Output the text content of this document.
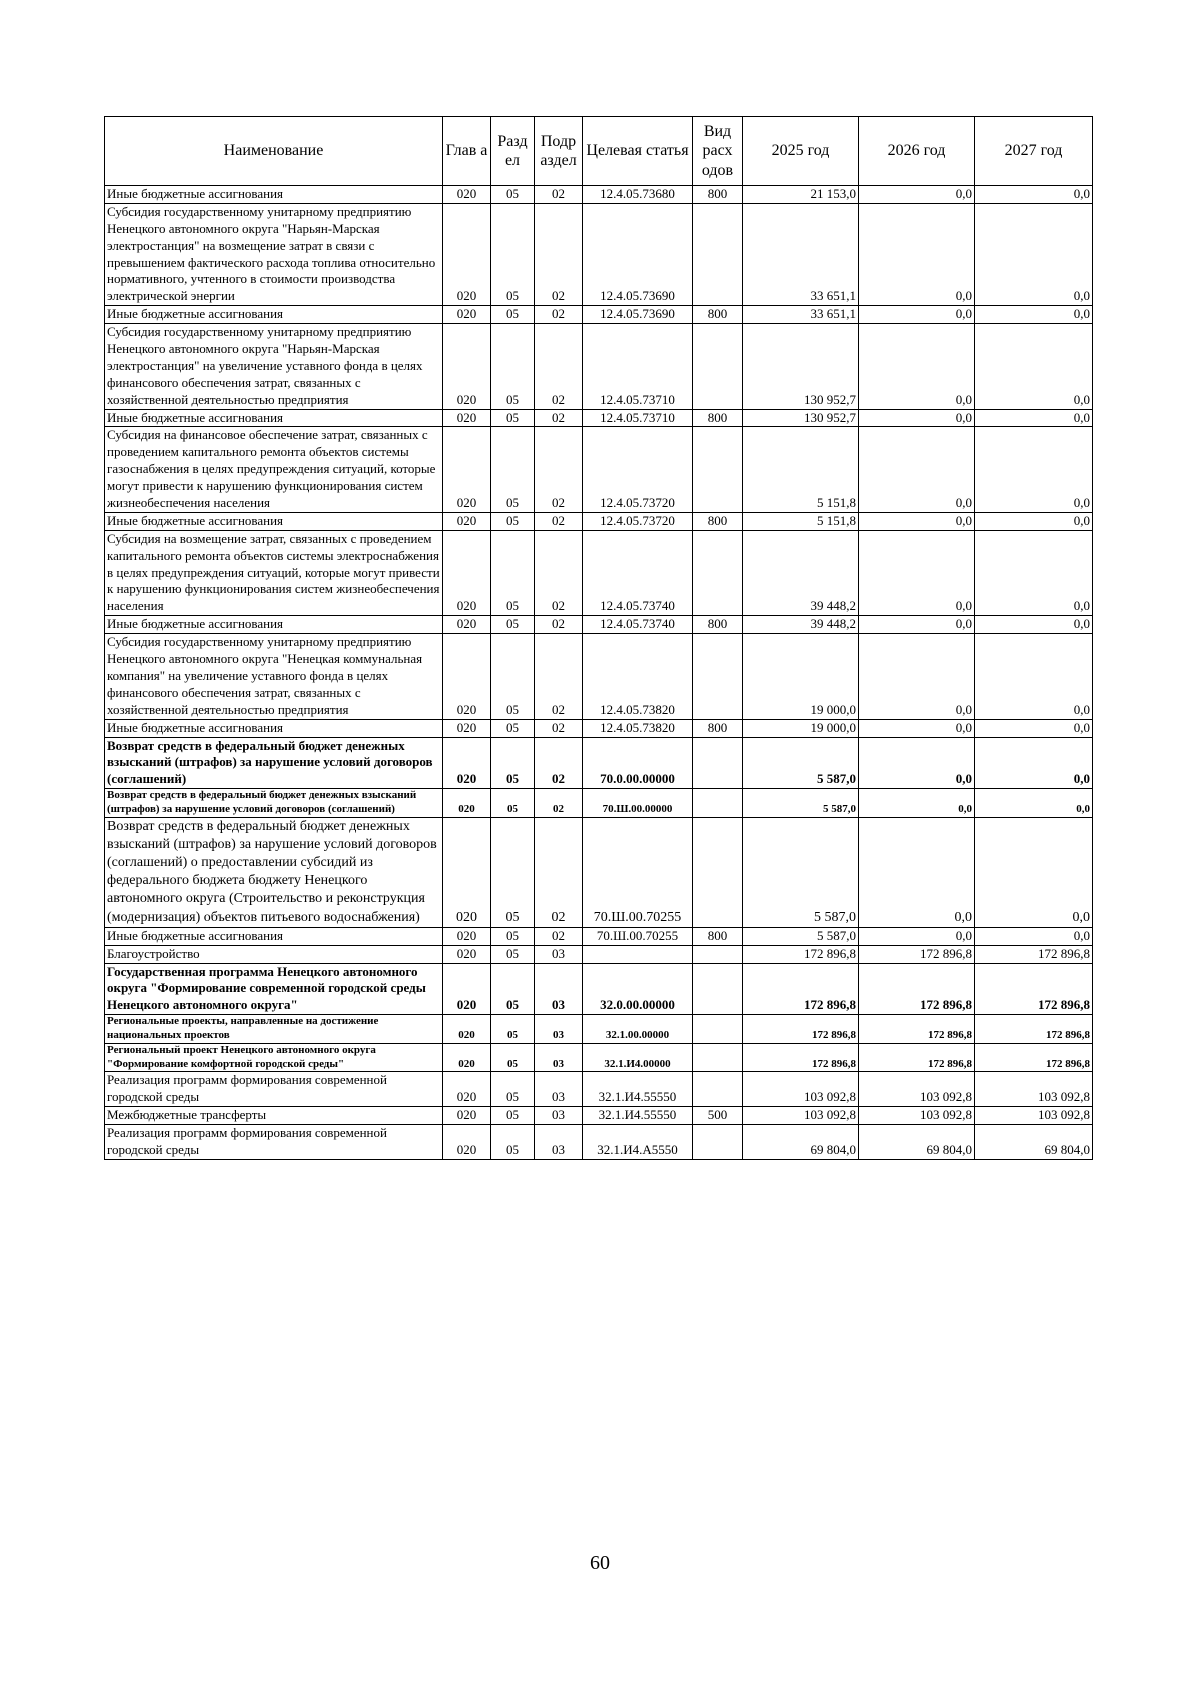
Наименование	Глав а	Разд ел	Подр аздел	Целевая статья	Вид расх одов	2025 год	2026 год	2027 год
Иные бюджетные ассигнования	020	05	02	12.4.05.73680	800	21 153,0	0,0	0,0
Субсидия государственному унитарному предприятию Ненецкого автономного округа "Нарьян-Марская электростанция" на возмещение затрат в связи с превышением фактического расхода топлива относительно нормативного, учтенного в стоимости производства электрической энергии	020	05	02	12.4.05.73690		33 651,1	0,0	0,0
Иные бюджетные ассигнования	020	05	02	12.4.05.73690	800	33 651,1	0,0	0,0
Субсидия государственному унитарному предприятию Ненецкого автономного округа "Нарьян-Марская электростанция" на увеличение уставного фонда в целях финансового обеспечения затрат, связанных с хозяйственной деятельностью предприятия	020	05	02	12.4.05.73710		130 952,7	0,0	0,0
Иные бюджетные ассигнования	020	05	02	12.4.05.73710	800	130 952,7	0,0	0,0
Субсидия на финансовое обеспечение затрат, связанных с проведением капитального ремонта объектов системы газоснабжения в целях предупреждения ситуаций, которые могут привести к нарушению функционирования систем жизнеобеспечения населения	020	05	02	12.4.05.73720		5 151,8	0,0	0,0
Иные бюджетные ассигнования	020	05	02	12.4.05.73720	800	5 151,8	0,0	0,0
Субсидия на возмещение затрат, связанных с проведением капитального ремонта объектов системы электроснабжения в целях предупреждения ситуаций, которые могут привести к нарушению функционирования систем жизнеобеспечения населения	020	05	02	12.4.05.73740		39 448,2	0,0	0,0
Иные бюджетные ассигнования	020	05	02	12.4.05.73740	800	39 448,2	0,0	0,0
Субсидия государственному унитарному предприятию Ненецкого автономного округа "Ненецкая коммунальная компания" на увеличение уставного фонда в целях финансового обеспечения затрат, связанных с хозяйственной деятельностью предприятия	020	05	02	12.4.05.73820		19 000,0	0,0	0,0
Иные бюджетные ассигнования	020	05	02	12.4.05.73820	800	19 000,0	0,0	0,0
Возврат средств в федеральный бюджет денежных взысканий (штрафов) за нарушение условий договоров (соглашений)	020	05	02	70.0.00.00000		5 587,0	0,0	0,0
Возврат средств в федеральный бюджет денежных взысканий (штрафов) за нарушение условий договоров (соглашений)	020	05	02	70.Ш.00.00000		5 587,0	0,0	0,0
Возврат средств в федеральный бюджет денежных взысканий (штрафов) за нарушение условий договоров (соглашений) о предоставлении субсидий из федерального бюджета бюджету Ненецкого автономного округа (Строительство и реконструкция (модернизация) объектов питьевого водоснабжения)	020	05	02	70.Ш.00.70255		5 587,0	0,0	0,0
Иные бюджетные ассигнования	020	05	02	70.Ш.00.70255	800	5 587,0	0,0	0,0
Благоустройство	020	05	03			172 896,8	172 896,8	172 896,8
Государственная программа Ненецкого автономного округа "Формирование современной городской среды Ненецкого автономного округа"	020	05	03	32.0.00.00000		172 896,8	172 896,8	172 896,8
Региональные проекты, направленные на достижение национальных проектов	020	05	03	32.1.00.00000		172 896,8	172 896,8	172 896,8
Региональный проект Ненецкого автономного округа "Формирование комфортной городской среды"	020	05	03	32.1.И4.00000		172 896,8	172 896,8	172 896,8
Реализация программ формирования современной городской среды	020	05	03	32.1.И4.55550		103 092,8	103 092,8	103 092,8
Межбюджетные трансферты	020	05	03	32.1.И4.55550	500	103 092,8	103 092,8	103 092,8
Реализация программ формирования современной городской среды	020	05	03	32.1.И4.А5550		69 804,0	69 804,0	69 804,0
60
